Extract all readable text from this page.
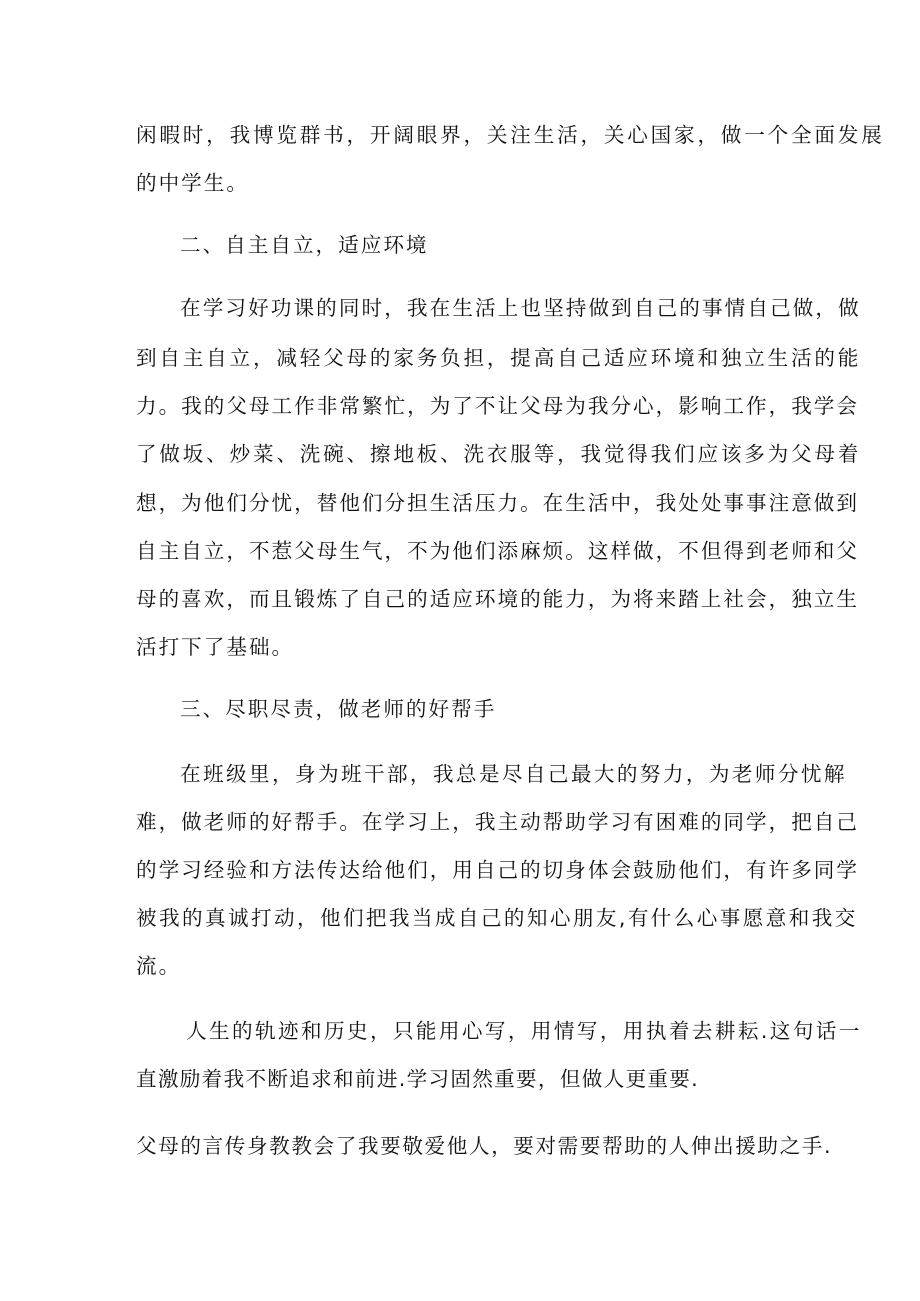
闲暇时，我博览群书，开阔眼界，关注生活，关心国家，做一个全面发展
的中学生。
二、自主自立，适应环境
在学习好功课的同时，我在生活上也坚持做到自己的事情自己做，做
到自主自立，减轻父母的家务负担，提高自己适应环境和独立生活的能
力。我的父母工作非常繁忙，为了不让父母为我分心，影响工作，我学会
了做坂、炒菜、洗碗、擦地板、洗衣服等，我觉得我们应该多为父母着
想，为他们分忧，替他们分担生活压力。在生活中，我处处事事注意做到
自主自立，不惹父母生气，不为他们添麻烦。这样做，不但得到老师和父
母的喜欢，而且锻炼了自己的适应环境的能力，为将来踏上社会，独立生
活打下了基础。
三、尽职尽责，做老师的好帮手
在班级里，身为班干部，我总是尽自己最大的努力，为老师分忧解
难，做老师的好帮手。在学习上，我主动帮助学习有困难的同学，把自己
的学习经验和方法传达给他们，用自己的切身体会鼓励他们，有许多同学
被我的真诚打动，他们把我当成自己的知心朋友,有什么心事愿意和我交
流。
人生的轨迹和历史，只能用心写，用情写，用执着去耕耘.这句话一
直激励着我不断追求和前进.学习固然重要，但做人更重要.
父母的言传身教教会了我要敬爱他人，要对需要帮助的人伸出援助之手.
